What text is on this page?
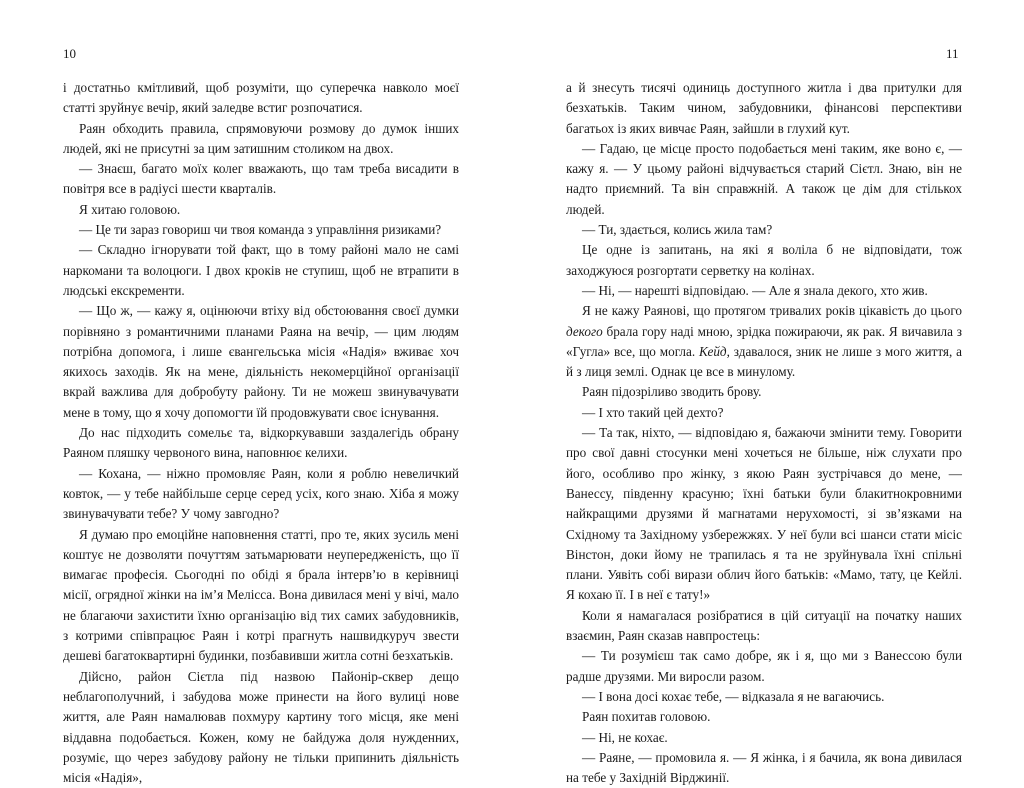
10	11

і достатньо кмітливий, щоб розуміти, що суперечка навколо моєї статті зруйнує вечір, який заледве встиг розпочатися.

Раян обходить правила, спрямовуючи розмову до думок інших людей, які не присутні за цим затишним столиком на двох.

— Знаєш, багато моїх колег вважають, що там треба висадити в повітря все в радіусі шести кварталів.

Я хитаю головою.

— Це ти зараз говориш чи твоя команда з управління ризиками?

— Складно ігнорувати той факт, що в тому районі мало не самі наркомани та волоцюги. І двох кроків не ступиш, щоб не втрапити в людські екскременти.

— Що ж, — кажу я, оцінюючи втіху від обстоювання своєї думки порівняно з романтичними планами Раяна на вечір, — цим людям потрібна допомога, і лише євангельська місія «Надія» вживає хоч якихось заходів. Як на мене, діяльність некомерційної організації вкрай важлива для добробуту району. Ти не можеш звинувачувати мене в тому, що я хочу допомогти їй продовжувати своє існування.

До нас підходить сомельє та, відкоркувавши заздалегідь обрану Раяном пляшку червоного вина, наповнює келихи.

— Кохана, — ніжно промовляє Раян, коли я роблю невеличкий ковток, — у тебе найбільше серце серед усіх, кого знаю. Хіба я можу звинувачувати тебе? У чому завгодно?

Я думаю про емоційне наповнення статті, про те, яких зусиль мені коштує не дозволяти почуттям затьмарювати неупередженість, що її вимагає професія. Сьогодні по обіді я брала інтерв’ю в керівниці місії, огрядної жінки на ім’я Мелісса. Вона дивилася мені у вічі, мало не благаючи захистити їхню організацію від тих самих забудовників, з котрими співпрацює Раян і котрі прагнуть нашвидкуруч звести дешеві багатоквартирні будинки, позбавивши житла сотні безхатьків.

Дійсно, район Сієтла під назвою Пайонір-сквер дещо неблагополучний, і забудова може принести на його вулиці нове життя, але Раян намалював похмуру картину того місця, яке мені віддавна подобається. Кожен, кому не байдужа доля нужденних, розуміє, що через забудову району не тільки припинить діяльність місія «Надія»,

а й знесуть тисячі одиниць доступного житла і два притулки для безхатьків. Таким чином, забудовники, фінансові перспективи багатьох із яких вивчає Раян, зайшли в глухий кут.

— Гадаю, це місце просто подобається мені таким, яке воно є, — кажу я. — У цьому районі відчувається старий Сієтл. Знаю, він не надто приємний. Та він справжній. А також це дім для стількох людей.

— Ти, здається, колись жила там?

Це одне із запитань, на які я воліла б не відповідати, тож заходжуюся розгортати серветку на колінах.

— Ні, — нарешті відповідаю. — Але я знала декого, хто жив.

Я не кажу Раянові, що протягом тривалих років цікавість до цього декого брала гору наді мною, зрідка пожираючи, як рак. Я вичавила з «Гугла» все, що могла. Кейд, здавалося, зник не лише з мого життя, а й з лиця землі. Однак це все в минулому.

Раян підозріливо зводить брову.

— І хто такий цей дехто?

— Та так, ніхто, — відповідаю я, бажаючи змінити тему. Говорити про свої давні стосунки мені хочеться не більше, ніж слухати про його, особливо про жінку, з якою Раян зустрічався до мене, — Ванессу, південну красуню; їхні батьки були блакитнокровними найкращими друзями й магнатами нерухомості, зі зв’язками на Східному та Західному узбережжях. У неї були всі шанси стати місіс Вінстон, доки йому не трапилась я та не зруйнувала їхні спільні плани. Уявіть собі вирази облич його батьків: «Мамо, тату, це Кейлі. Я кохаю її. І в неї є тату!»

Коли я намагалася розібратися в цій ситуації на початку наших взаємин, Раян сказав навпростець:

— Ти розумієш так само добре, як і я, що ми з Ванессою були радше друзями. Ми виросли разом.

— І вона досі кохає тебе, — відказала я не вагаючись.

Раян похитав головою.

— Ні, не кохає.

— Раяне, — промовила я. — Я жінка, і я бачила, як вона дивилася на тебе у Західній Вірджинії.
